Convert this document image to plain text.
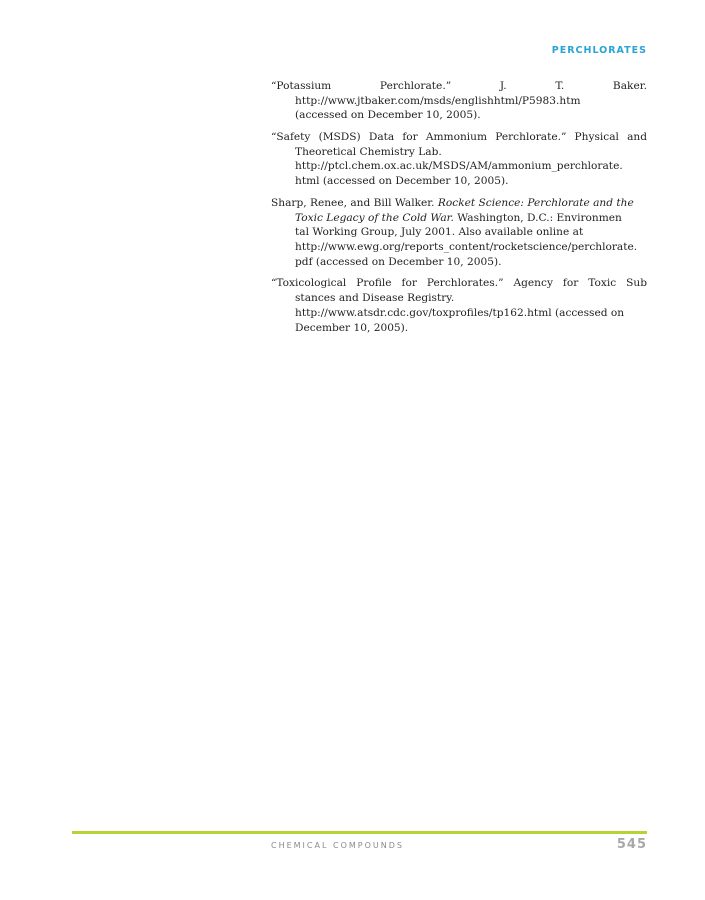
PERCHLORATES
“Potassium Perchlorate.” J. T. Baker.
http://www.jtbaker.com/msds/englishhtml/P5983.htm
(accessed on December 10, 2005).
“Safety (MSDS) Data for Ammonium Perchlorate.” Physical and
Theoretical Chemistry Lab.
http://ptcl.chem.ox.ac.uk/MSDS/AM/ammonium_perchlorate.
html (accessed on December 10, 2005).
Sharp, Renee, and Bill Walker. Rocket Science: Perchlorate and the
Toxic Legacy of the Cold War. Washington, D.C.: Environmen
tal Working Group, July 2001. Also available online at
http://www.ewg.org/reports_content/rocketscience/perchlorate.
pdf (accessed on December 10, 2005).
“Toxicological Profile for Perchlorates.” Agency for Toxic Sub
stances and Disease Registry.
http://www.atsdr.cdc.gov/toxprofiles/tp162.html (accessed on
December 10, 2005).
CHEMICAL COMPOUNDS	545
